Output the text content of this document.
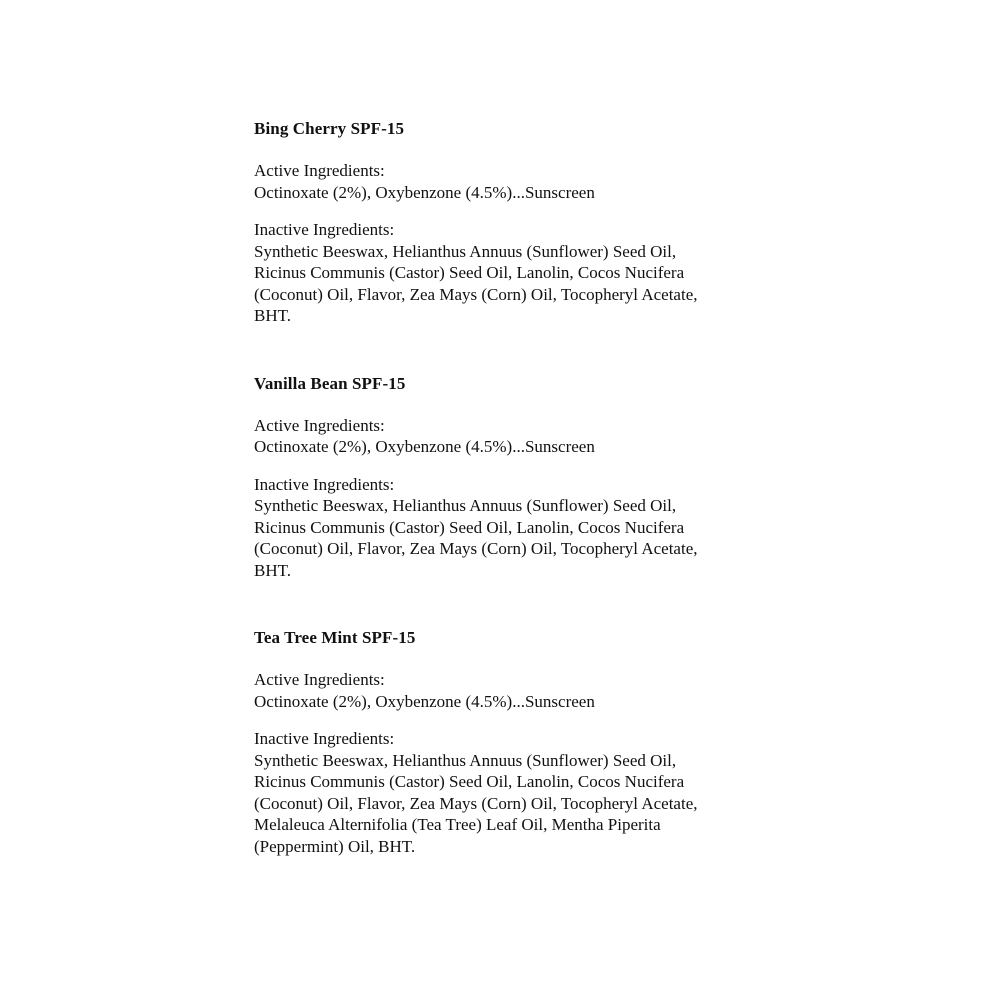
Bing Cherry SPF-15

Active Ingredients:

Octinoxate (2%), Oxybenzone (4.5%)...Sunscreen

Inactive Ingredients:

Synthetic Beeswax, Helianthus Annuus (Sunflower) Seed Oil, Ricinus Communis (Castor) Seed Oil, Lanolin, Cocos Nucifera (Coconut) Oil, Flavor, Zea Mays (Corn) Oil, Tocopheryl Acetate, BHT.

Vanilla Bean SPF-15

Active Ingredients:

Octinoxate (2%), Oxybenzone (4.5%)...Sunscreen

Inactive Ingredients:

Synthetic Beeswax, Helianthus Annuus (Sunflower) Seed Oil, Ricinus Communis (Castor) Seed Oil, Lanolin, Cocos Nucifera (Coconut) Oil, Flavor, Zea Mays (Corn) Oil, Tocopheryl Acetate, BHT.

Tea Tree Mint SPF-15

Active Ingredients:

Octinoxate (2%), Oxybenzone (4.5%)...Sunscreen

Inactive Ingredients:

Synthetic Beeswax, Helianthus Annuus (Sunflower) Seed Oil, Ricinus Communis (Castor) Seed Oil, Lanolin, Cocos Nucifera (Coconut) Oil, Flavor, Zea Mays (Corn) Oil, Tocopheryl Acetate, Melaleuca Alternifolia (Tea Tree) Leaf Oil, Mentha Piperita (Peppermint) Oil, BHT.
